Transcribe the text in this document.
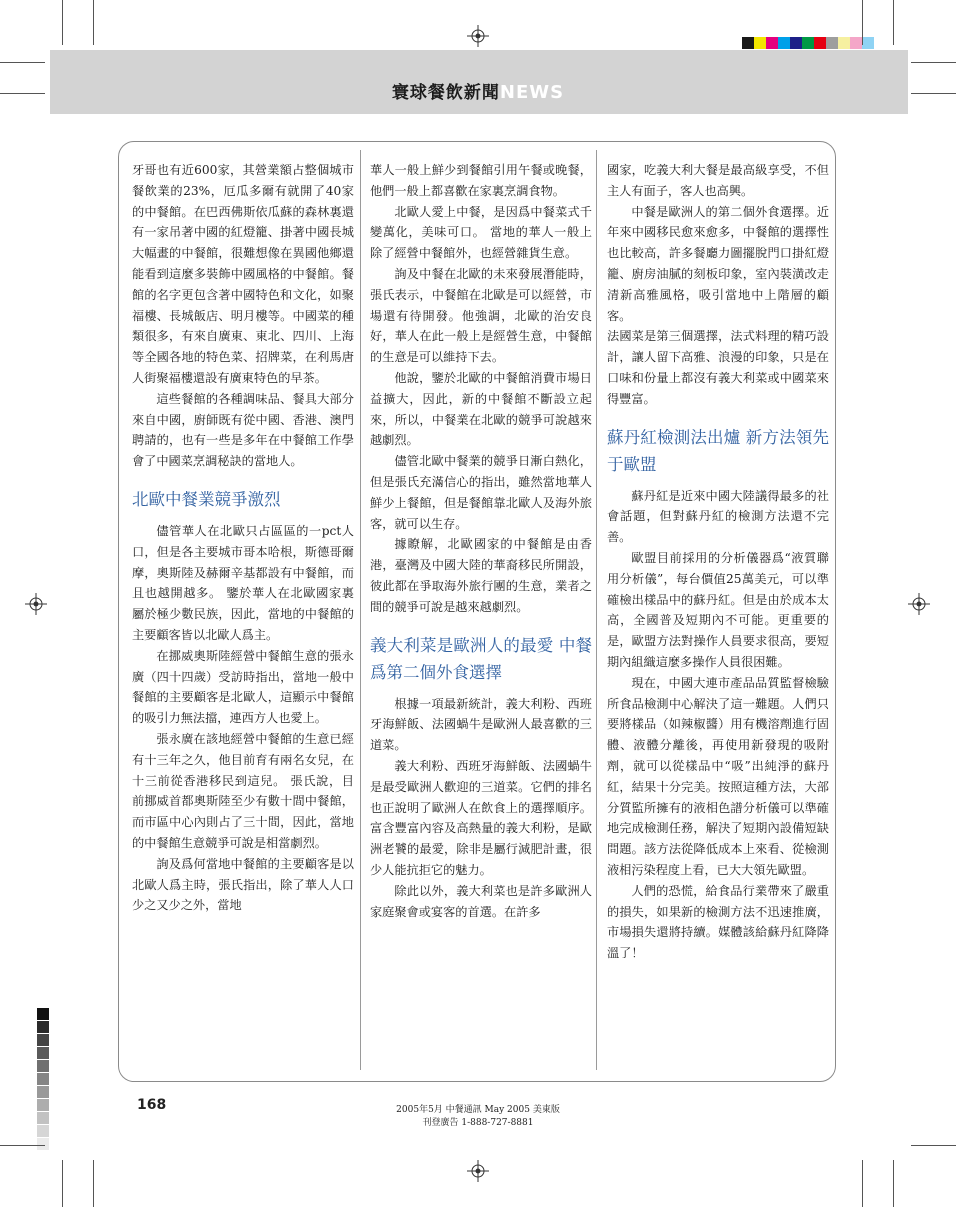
寰球餐飲新聞NEWS

牙哥也有近600家，其營業額占整個城市餐飲業的23%，厄瓜多爾有就開了40家的中餐館。在巴西佛斯依瓜蘇的森林裏還有一家吊著中國的紅燈籠、掛著中國長城大幅畫的中餐館，很難想像在異國他鄉還能看到這麼多裝飾中國風格的中餐館。餐館的名字更包含著中國特色和文化，如聚福樓、長城飯店、明月樓等。中國菜的種類很多，有來自廣東、東北、四川、上海等全國各地的特色菜、招牌菜，在利馬唐人街聚福樓還設有廣東特色的早茶。

這些餐館的各種調味品、餐具大部分來自中國，廚師既有從中國、香港、澳門聘請的，也有一些是多年在中餐館工作學會了中國菜烹調秘訣的當地人。

北歐中餐業競爭激烈

儘管華人在北歐只占區區的一pct人口，但是各主要城市哥本哈根，斯德哥爾摩，奧斯陸及赫爾辛基都設有中餐館，而且也越開越多。 鑒於華人在北歐國家裏屬於極少數民族，因此，當地的中餐館的主要顧客皆以北歐人爲主。

在挪威奧斯陸經營中餐館生意的張永廣（四十四歲）受訪時指出，當地一般中餐館的主要顧客是北歐人，這顯示中餐館的吸引力無法擋，連西方人也愛上。

張永廣在該地經營中餐館的生意已經有十三年之久，他目前育有兩名女兒，在十三前從香港移民到這兒。 張氏說，目前挪威首都奧斯陸至少有數十間中餐館，而市區中心內則占了三十間，因此，當地的中餐館生意競爭可說是相當劇烈。

詢及爲何當地中餐館的主要顧客是以北歐人爲主時，張氏指出，除了華人人口少之又少之外，當地

華人一般上鮮少到餐館引用午餐或晚餐，他們一般上都喜歡在家裏烹調食物。

北歐人愛上中餐，是因爲中餐菜式千變萬化，美味可口。 當地的華人一般上除了經營中餐館外，也經營雜貨生意。

詢及中餐在北歐的未來發展潛能時，張氏表示，中餐館在北歐是可以經營，市場還有待開發。他強調，北歐的治安良好，華人在此一般上是經營生意，中餐館的生意是可以維持下去。

他說，鑒於北歐的中餐館消費市場日益擴大，因此，新的中餐館不斷設立起來，所以，中餐業在北歐的競爭可說越來越劇烈。

儘管北歐中餐業的競爭日漸白熱化，但是張氏充滿信心的指出，雖然當地華人鮮少上餐館，但是餐館靠北歐人及海外旅客，就可以生存。

據瞭解，北歐國家的中餐館是由香港，臺灣及中國大陸的華裔移民所開設，彼此都在爭取海外旅行團的生意，業者之間的競爭可說是越來越劇烈。

義大利菜是歐洲人的最愛 中餐爲第二個外食選擇

根據一項最新統計，義大利粉、西班牙海鮮飯、法國蝸牛是歐洲人最喜歡的三道菜。

義大利粉、西班牙海鮮飯、法國蝸牛是最受歐洲人歡迎的三道菜。它們的排名也正說明了歐洲人在飲食上的選擇順序。富含豐富內容及高熱量的義大利粉，是歐洲老饕的最愛，除非是屬行減肥計畫，很少人能抗拒它的魅力。

除此以外，義大利菜也是許多歐洲人家庭聚會或宴客的首選。在許多

國家，吃義大利大餐是最高級享受，不但主人有面子，客人也高興。

中餐是歐洲人的第二個外食選擇。近年來中國移民愈來愈多，中餐館的選擇性也比較高，許多餐廳力圖擺脫門口掛紅燈籠、廚房油膩的刻板印象，室內裝潢改走清新高雅風格，吸引當地中上階層的顧客。

法國菜是第三個選擇，法式料理的精巧設計，讓人留下高雅、浪漫的印象，只是在口味和份量上都沒有義大利菜或中國菜來得豐富。

蘇丹紅檢測法出爐 新方法領先于歐盟

蘇丹紅是近來中國大陸議得最多的社會話題，但對蘇丹紅的檢測方法還不完善。

歐盟目前採用的分析儀器爲“液質聯用分析儀”，每台價值25萬美元，可以準確檢出樣品中的蘇丹紅。但是由於成本太高，全國普及短期內不可能。更重要的是，歐盟方法對操作人員要求很高，要短期內組織這麼多操作人員很困難。

現在，中國大連市產品品質監督檢驗所食品檢測中心解決了這一難題。人們只要將樣品（如辣椒醬）用有機溶劑進行固體、液體分離後，再使用新發現的吸附劑，就可以從樣品中“吸”出純淨的蘇丹紅，結果十分完美。按照這種方法，大部分質監所擁有的液相色譜分析儀可以準確地完成檢測任務，解決了短期內設備短缺問題。該方法從降低成本上來看、從檢測液相污染程度上看，已大大領先歐盟。

人們的恐慌，給食品行業帶來了嚴重的損失，如果新的檢測方法不迅速推廣，市場損失還將持續。媒體該給蘇丹紅降降溫了！

168	2005年5月 中餐通訊 May 2005 美東版
刊登廣告 1-888-727-8881
